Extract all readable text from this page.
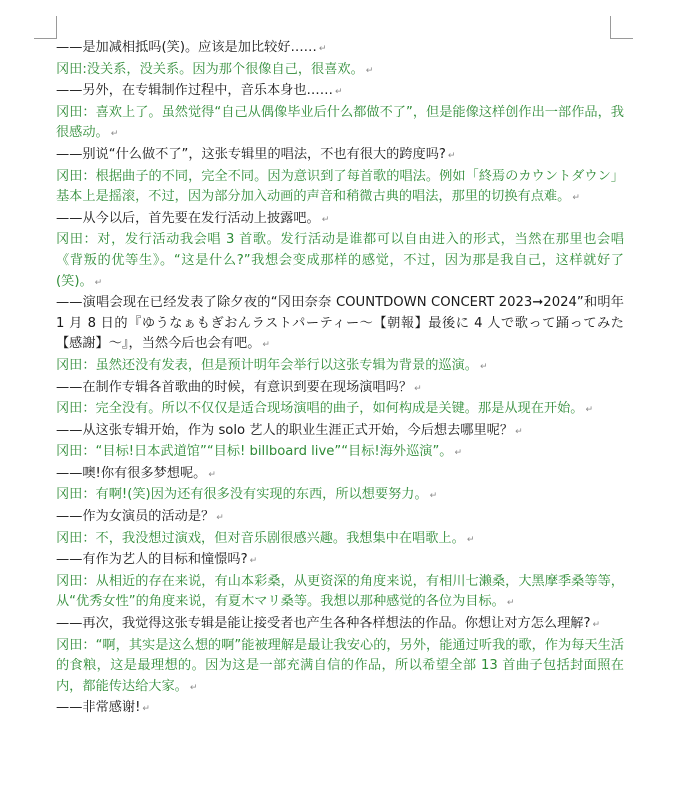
——是加减相抵吗(笑)。应该是加比较好…… ↵
冈田:没关系，没关系。因为那个很像自己，很喜欢。 ↵
——另外，在专辑制作过程中，音乐本身也…… ↵
冈田：喜欢上了。虽然觉得“自己从偶像毕业后什么都做不了”，但是能像这样创作出一部作品，我很感动。 ↵
——别说“什么做不了”，这张专辑里的唱法，不也有很大的跨度吗? ↵
冈田：根据曲子的不同，完全不同。因为意识到了每首歌的唱法。例如「終焉のカウントダウン」基本上是摇滚，不过，因为部分加入动画的声音和稍微古典的唱法，那里的切换有点难。 ↵
——从今以后，首先要在发行活动上披露吧。 ↵
冈田：对，发行活动我会唱 3 首歌。发行活动是谁都可以自由进入的形式，当然在那里也会唱《背叛的优等生》。“这是什么?”我想会变成那样的感觉，不过，因为那是我自己，这样就好了(笑)。 ↵
——演唱会现在已经发表了除夕夜的“冈田奈奈 COUNTDOWN CONCERT 2023➞2024”和明年 1 月 8 日的『ゆうなぁもぎおんラストパーティー～【朝報】最後に 4 人で歌って踊ってみた【感謝】～』，当然今后也会有吧。 ↵
冈田：虽然还没有发表，但是预计明年会举行以这张专辑为背景的巡演。 ↵
——在制作专辑各首歌曲的时候，有意识到要在现场演唱吗？ ↵
冈田：完全没有。所以不仅仅是适合现场演唱的曲子，如何构成是关键。那是从现在开始。 ↵
——从这张专辑开始，作为 solo 艺人的职业生涯正式开始，今后想去哪里呢？ ↵
冈田：“目标!日本武道馆”“目标! billboard live”“目标!海外巡演”。 ↵
——噢!你有很多梦想呢。 ↵
冈田：有啊!(笑)因为还有很多没有实现的东西，所以想要努力。 ↵
——作为女演员的活动是？ ↵
冈田：不，我没想过演戏，但对音乐剧很感兴趣。我想集中在唱歌上。 ↵
——有作为艺人的目标和憧憬吗? ↵
冈田：从相近的存在来说，有山本彩桑，从更资深的角度来说，有相川七濑桑，大黑摩季桑等等，从“优秀女性”的角度来说，有夏木マリ桑等。我想以那种感觉的各位为目标。 ↵
——再次，我觉得这张专辑是能让接受者也产生各种各样想法的作品。你想让对方怎么理解? ↵
冈田：“啊，其实是这么想的啊”能被理解是最让我安心的，另外，能通过听我的歌，作为每天生活的食粮，这是最理想的。因为这是一部充满自信的作品，所以希望全部 13 首曲子包括封面照在内，都能传达给大家。 ↵
——非常感谢! ↵
